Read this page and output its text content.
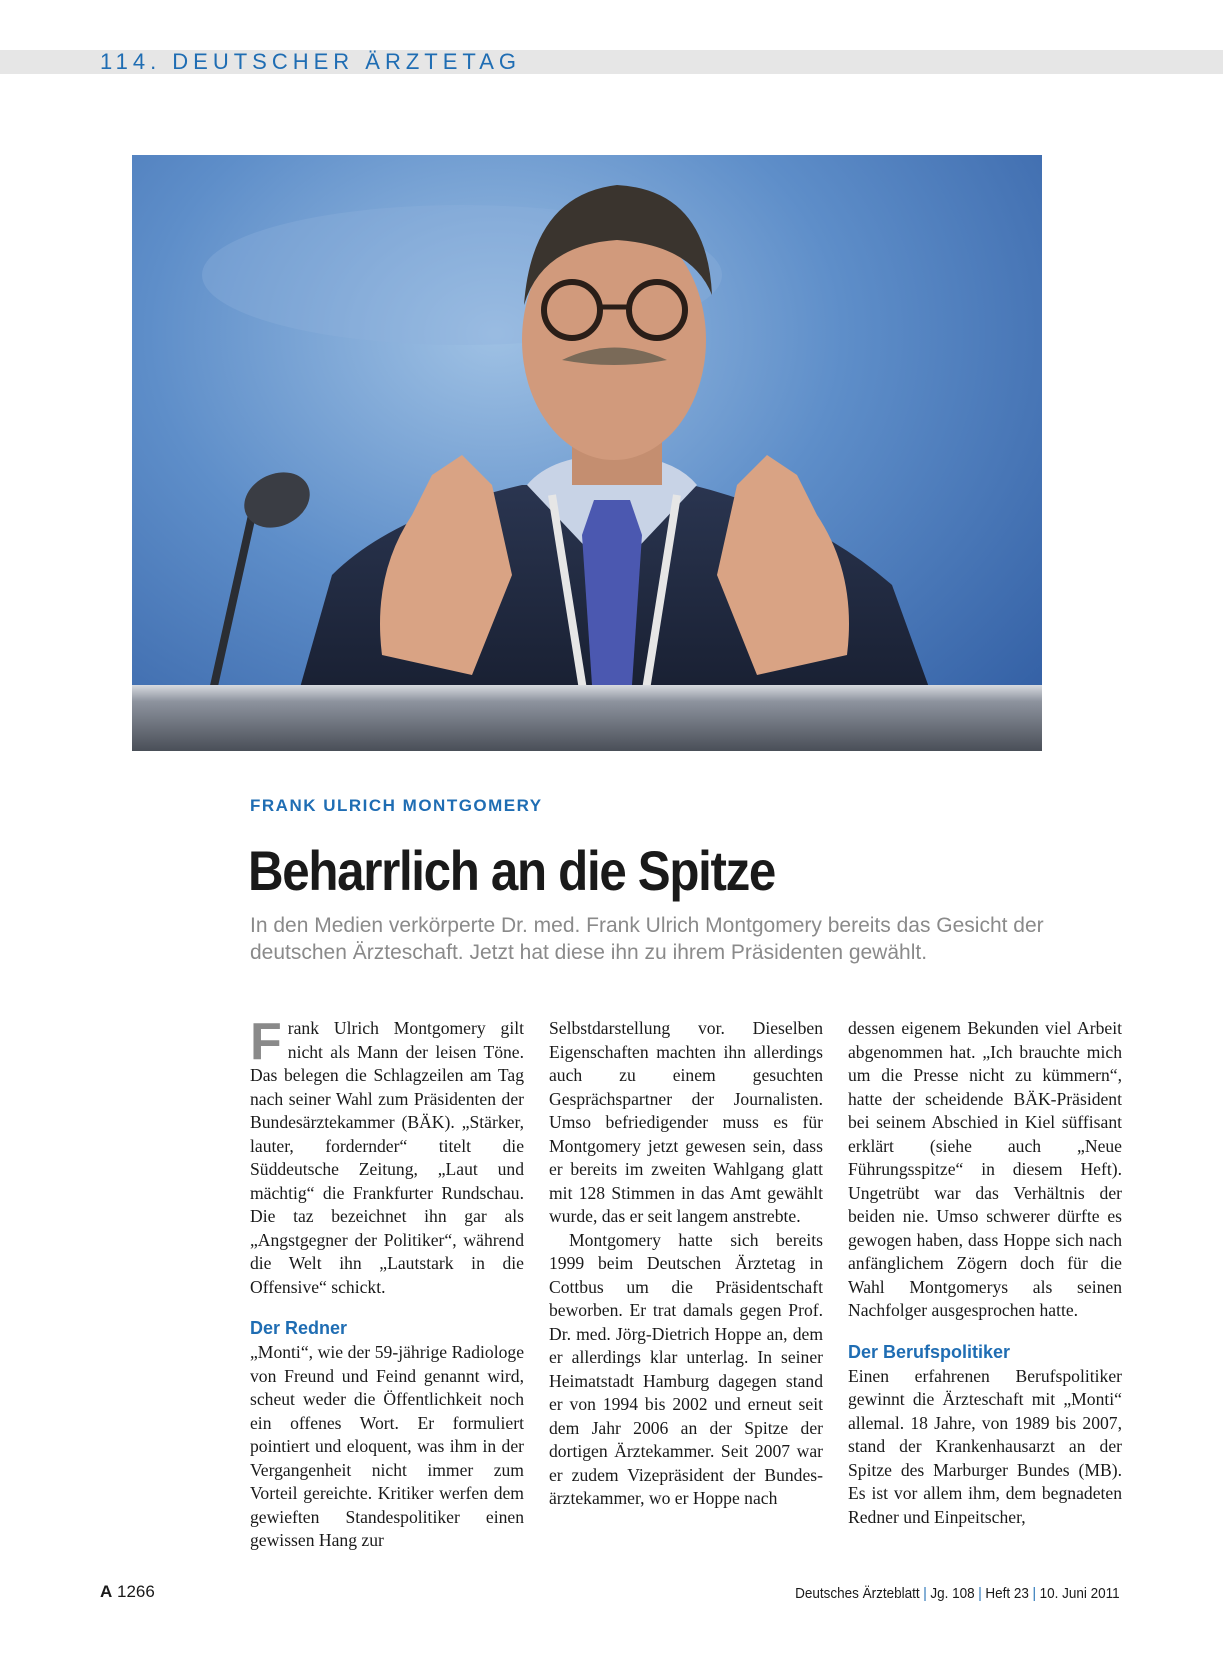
114. DEUTSCHER ÄRZTETAG
FRANK ULRICH MONTGOMERY
Beharrlich an die Spitze
In den Medien verkörperte Dr. med. Frank Ulrich Montgomery bereits das Gesicht der deutschen Ärzteschaft. Jetzt hat diese ihn zu ihrem Präsidenten gewählt.
F rank Ulrich Montgomery gilt nicht als Mann der leisen Töne. Das belegen die Schlagzeilen am Tag nach seiner Wahl zum Präsidenten der Bundesärztekammer (BÄK). „Stärker, lauter, fordernder“ titelt die Süddeutsche Zeitung, „Laut und mächtig“ die Frankfurter Rundschau. Die taz bezeichnet ihn gar als „Angstgegner der Politiker“, während die Welt ihn „Lautstark in die Offensive“ schickt.

Der Redner

„Monti“, wie der 59-jährige Radiologe von Freund und Feind genannt wird, scheut weder die Öffentlichkeit noch ein offenes Wort. Er formuliert pointiert und eloquent, was ihm in der Vergangenheit nicht immer zum Vorteil gereichte. Kritiker werfen dem gewieften Standespolitiker einen gewissen Hang zur

Selbstdarstellung vor. Dieselben Eigenschaften machten ihn allerdings auch zu einem gesuchten Gesprächspartner der Journalisten. Umso befriedigender muss es für Montgomery jetzt gewesen sein, dass er bereits im zweiten Wahlgang glatt mit 128 Stimmen in das Amt gewählt wurde, das er seit langem anstrebte.

Montgomery hatte sich bereits 1999 beim Deutschen Ärztetag in Cottbus um die Präsidentschaft beworben. Er trat damals gegen Prof. Dr. med. Jörg-Dietrich Hoppe an, dem er allerdings klar unterlag. In seiner Heimatstadt Hamburg dagegen stand er von 1994 bis 2002 und erneut seit dem Jahr 2006 an der Spitze der dortigen Ärztekammer. Seit 2007 war er zudem Vizepräsident der Bundesärztekammer, wo er Hoppe nach

dessen eigenem Bekunden viel Arbeit abgenommen hat. „Ich brauchte mich um die Presse nicht zu kümmern“, hatte der scheidende BÄK-Präsident bei seinem Abschied in Kiel süffisant erklärt (siehe auch „Neue Führungsspitze“ in diesem Heft). Ungetrübt war das Verhältnis der beiden nie. Umso schwerer dürfte es gewogen haben, dass Hoppe sich nach anfänglichem Zögern doch für die Wahl Montgomerys als seinen Nachfolger ausgesprochen hatte.

Der Berufspolitiker

Einen erfahrenen Berufspolitiker gewinnt die Ärzteschaft mit „Monti“ allemal. 18 Jahre, von 1989 bis 2007, stand der Krankenhausarzt an der Spitze des Marburger Bundes (MB). Es ist vor allem ihm, dem begnadeten Redner und Einpeitscher,

A 1266	Deutsches Ärzteblatt | Jg. 108 | Heft 23 | 10. Juni 2011
